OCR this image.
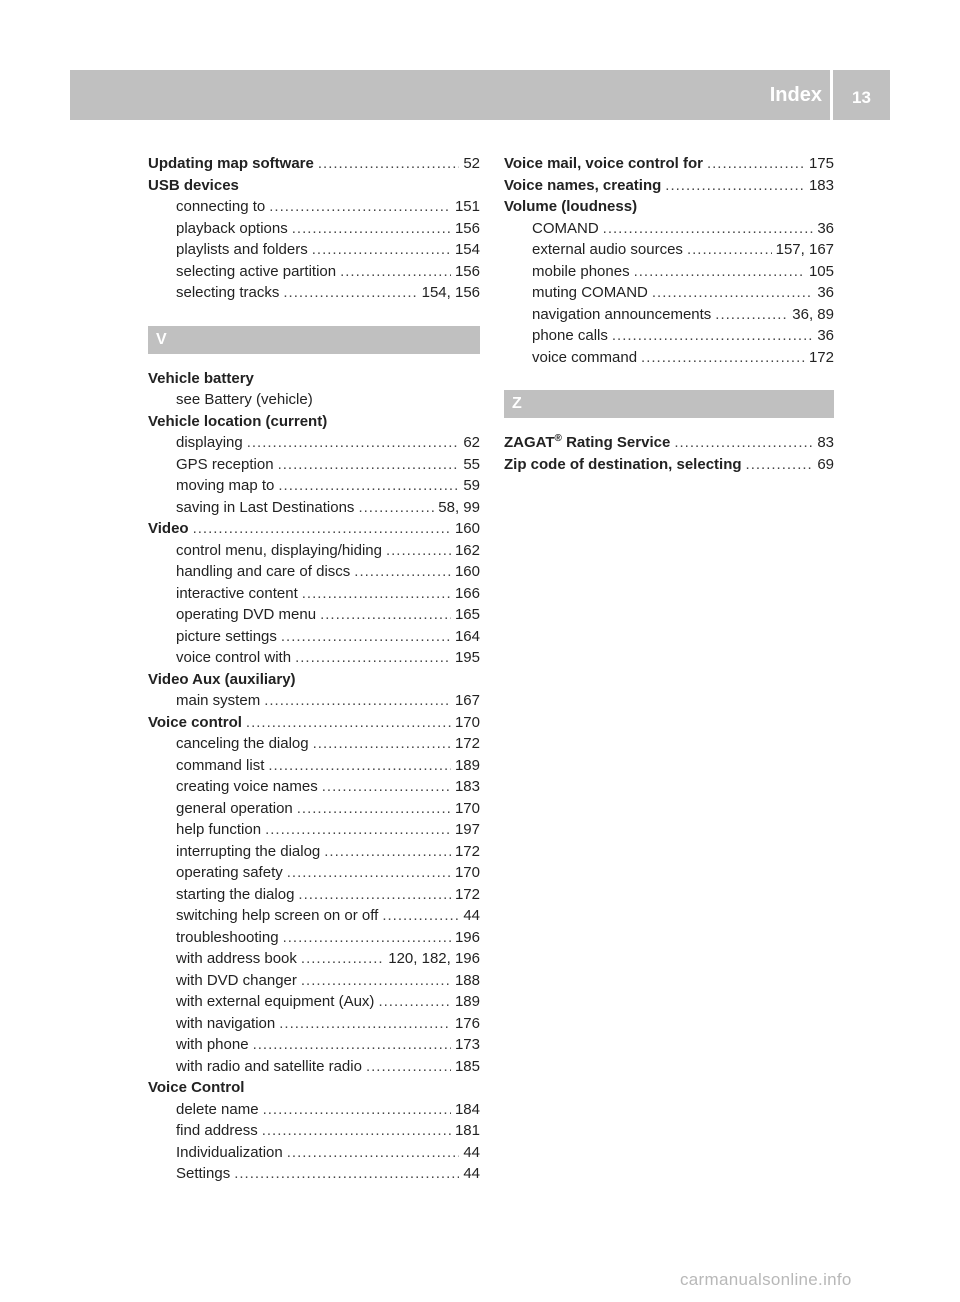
Index	13
Updating map software .....	52
USB devices
connecting to .....	151
playback options .....	156
playlists and folders .....	154
selecting active partition .....	156
selecting tracks .....	154, 156
V
Vehicle battery
see Battery (vehicle)
Vehicle location (current)
displaying .....	62
GPS reception .....	55
moving map to .....	59
saving in Last Destinations .....	58, 99
Video .....	160
control menu, displaying/hiding .....	162
handling and care of discs .....	160
interactive content .....	166
operating DVD menu .....	165
picture settings .....	164
voice control with .....	195
Video Aux (auxiliary)
main system .....	167
Voice control .....	170
canceling the dialog .....	172
command list .....	189
creating voice names .....	183
general operation .....	170
help function .....	197
interrupting the dialog .....	172
operating safety .....	170
starting the dialog .....	172
switching help screen on or off .....	44
troubleshooting .....	196
with address book .....	120, 182, 196
with DVD changer .....	188
with external equipment (Aux) .....	189
with navigation .....	176
with phone .....	173
with radio and satellite radio .....	185
Voice Control
delete name .....	184
find address .....	181
Individualization .....	44
Settings .....	44
Voice mail, voice control for .....	175
Voice names, creating .....	183
Volume (loudness)
COMAND .....	36
external audio sources .....	157, 167
mobile phones .....	105
muting COMAND .....	36
navigation announcements .....	36, 89
phone calls .....	36
voice command .....	172
Z
ZAGAT® Rating Service .....	83
Zip code of destination, selecting .....	69
carmanualsonline.info
